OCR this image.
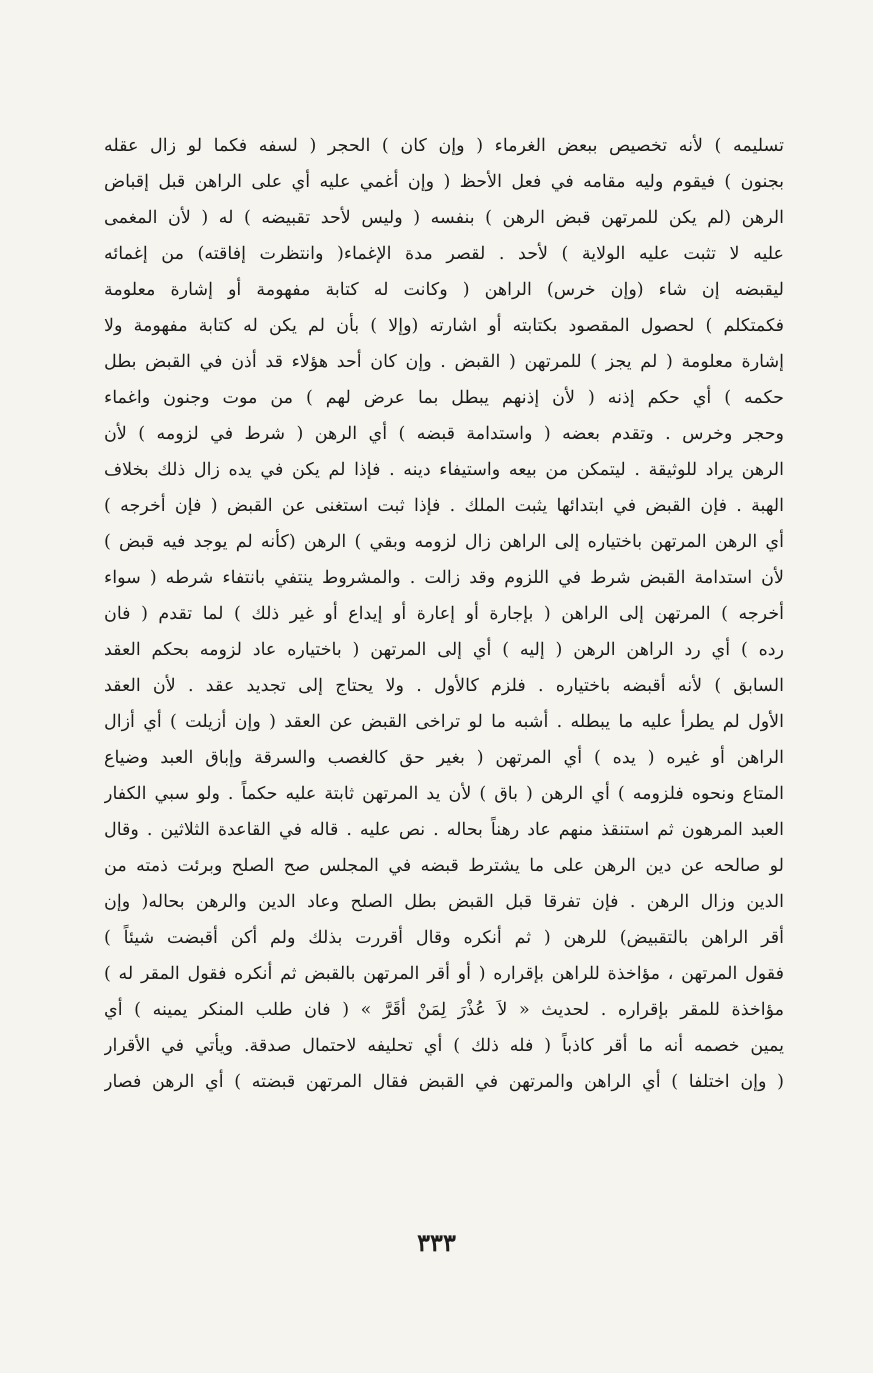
تسليمه ) لأنه تخصيص ببعض الغرماء ( وإن كان ) الحجر ( لسفه فكما لو زال عقله
بجنون ) فيقوم وليه مقامه في فعل الأحظ ( وإن أغمي عليه أي على الراهن قبل إقباض
الرهن (لم يكن للمرتهن قبض الرهن ) بنفسه ( وليس لأحد تقبيضه ) له ( لأن المغمى
عليه لا تثبت عليه الولاية ) لأحد . لقصر مدة الإغماء( وانتظرت إفاقته) من إغمائه
ليقبضه إن شاء (وإن خرس) الراهن ( وكانت له كتابة مفهومة أو إشارة معلومة
فكمتكلم ) لحصول المقصود بكتابته أو اشارته (وإلا ) بأن لم يكن له كتابة مفهومة ولا
إشارة معلومة ( لم يجز ) للمرتهن ( القبض . وإن كان أحد هؤلاء قد أذن في القبض بطل
حكمه ) أي حكم إذنه ( لأن إذنهم يبطل بما عرض لهم ) من موت وجنون واغماء
وحجر وخرس . وتقدم بعضه ( واستدامة قبضه ) أي الرهن ( شرط في لزومه ) لأن
الرهن يراد للوثيقة . ليتمكن من بيعه واستيفاء دينه . فإذا لم يكن في يده زال ذلك بخلاف
الهبة . فإن القبض في ابتدائها يثبت الملك . فإذا ثبت استغنى عن القبض ( فإن أخرجه )
أي الرهن المرتهن باختياره إلى الراهن زال لزومه وبقي ) الرهن (كأنه لم يوجد فيه قبض )
لأن استدامة القبض شرط في اللزوم وقد زالت . والمشروط ينتفي بانتفاء شرطه ( سواء
أخرجه ) المرتهن إلى الراهن ( بإجارة أو إعارة أو إيداع أو غير ذلك ) لما تقدم ( فان
رده ) أي رد الراهن الرهن ( إليه ) أي إلى المرتهن ( باختياره عاد لزومه بحكم العقد
السابق ) لأنه أقبضه باختياره . فلزم كالأول . ولا يحتاج إلى تجديد عقد . لأن العقد
الأول لم يطرأ عليه ما يبطله . أشبه ما لو تراخى القبض عن العقد ( وإن أزيلت ) أي أزال
الراهن أو غيره ( يده ) أي المرتهن ( بغير حق كالغصب والسرقة وإباق العبد وضياع
المتاع ونحوه فلزومه ) أي الرهن ( باق ) لأن يد المرتهن ثابتة عليه حكماً . ولو سبي الكفار
العبد المرهون ثم استنقذ منهم عاد رهناً بحاله . نص عليه . قاله في القاعدة الثلاثين . وقال
لو صالحه عن دين الرهن على ما يشترط قبضه في المجلس صح الصلح وبرئت ذمته من
الدين وزال الرهن . فإن تفرقا قبل القبض بطل الصلح وعاد الدين والرهن بحاله( وإن
أقر الراهن بالتقبيض) للرهن ( ثم أنكره وقال أقررت بذلك ولم أكن أقبضت شيئاً )
فقول المرتهن ، مؤاخذة للراهن بإقراره ( أو أقر المرتهن بالقبض ثم أنكره فقول المقر له )
مؤاخذة للمقر بإقراره . لحديث « لاَ عُذْرَ لِمَنْ أقَرَّ » ( فان طلب المنكر يمينه ) أي
يمين خصمه أنه ما أقر كاذباً ( فله ذلك ) أي تحليفه لاحتمال صدقة. ويأتي في الأقرار
( وإن اختلفا ) أي الراهن والمرتهن في القبض فقال المرتهن قبضته ) أي الرهن فصار
٣٣٣
